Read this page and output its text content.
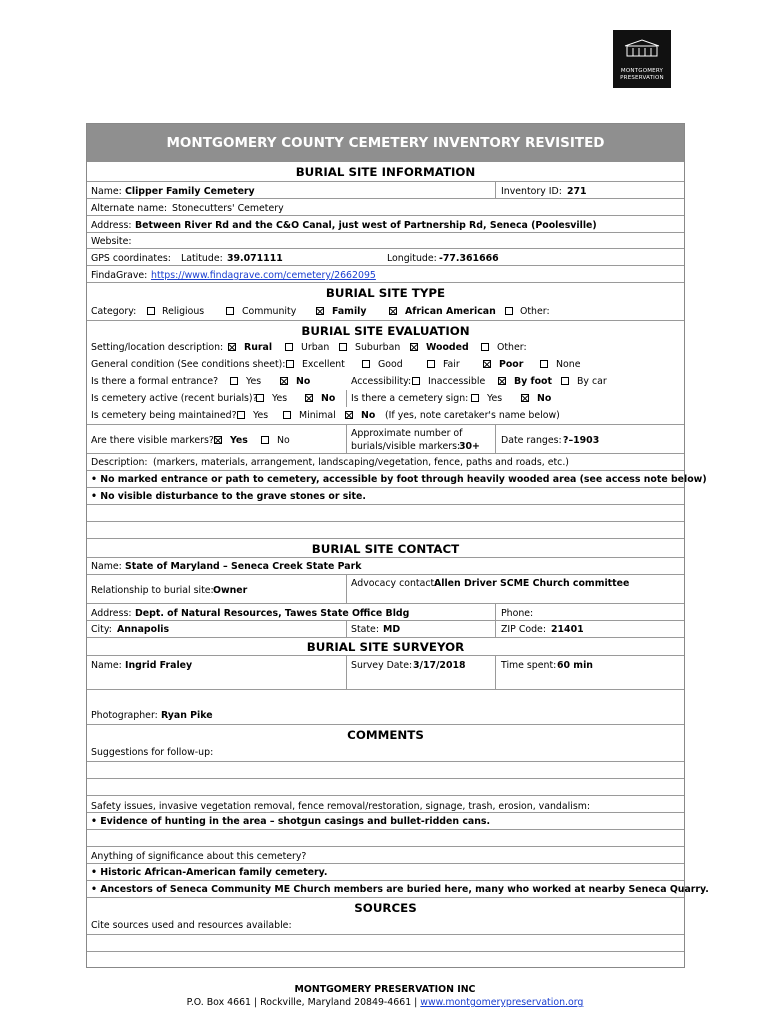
MONTGOMERY
PRESERVATION
MONTGOMERY COUNTY CEMETERY INVENTORY REVISITED
BURIAL SITE INFORMATION
Name: Clipper Family Cemetery	Inventory ID: 271
Alternate name: Stonecutters' Cemetery
Address: Between River Rd and the C&O Canal, just west of Partnership Rd, Seneca (Poolesville)
Website:
GPS coordinates: Latitude: 39.071111	Longitude: -77.361666
FindaGrave: https://www.findagrave.com/cemetery/2662095
BURIAL SITE TYPE
Category:	Religious	Community	Family	African American	Other:
BURIAL SITE EVALUATION
Setting/location description: Rural	Urban	Suburban	Wooded	Other:
General condition (See conditions sheet): Excellent	Good	Fair	Poor	None
Is there a formal entrance?	Yes	No	Accessibility: Inaccessible	By foot	By car
Is cemetery active (recent burials)? Yes	No Is there a cemetery sign: Yes	No
Is cemetery being maintained? Yes	Minimal	No (If yes, note caretaker's name below)
Are there visible markers? Yes	No
Approximate number of
burials/visible markers:
30+
Date ranges: ?–1903
Description: (markers, materials, arrangement, landscaping/vegetation, fence, paths and roads, etc.)
• No marked entrance or path to cemetery, accessible by foot through heavily wooded area (see access note below)
• No visible disturbance to the grave stones or site.
BURIAL SITE CONTACT
Name: State of Maryland – Seneca Creek State Park
Relationship to burial site: Owner
Advocacy contact:
Allen Driver SCME Church committee
Address: Dept. of Natural Resources, Tawes State Office Bldg	Phone:
City: Annapolis	State: MD	ZIP Code: 21401
BURIAL SITE SURVEYOR
Name: Ingrid Fraley	Survey Date: 3/17/2018	Time spent: 60 min
Photographer: Ryan Pike
COMMENTS
Suggestions for follow-up:
Safety issues, invasive vegetation removal, fence removal/restoration, signage, trash, erosion, vandalism:
• Evidence of hunting in the area – shotgun casings and bullet-ridden cans.
Anything of significance about this cemetery?
• Historic African-American family cemetery.
• Ancestors of Seneca Community ME Church members are buried here, many who worked at nearby Seneca Quarry.
SOURCES
Cite sources used and resources available:
MONTGOMERY PRESERVATION INC
P.O. Box 4661 | Rockville, Maryland 20849-4661 | www.montgomerypreservation.org
